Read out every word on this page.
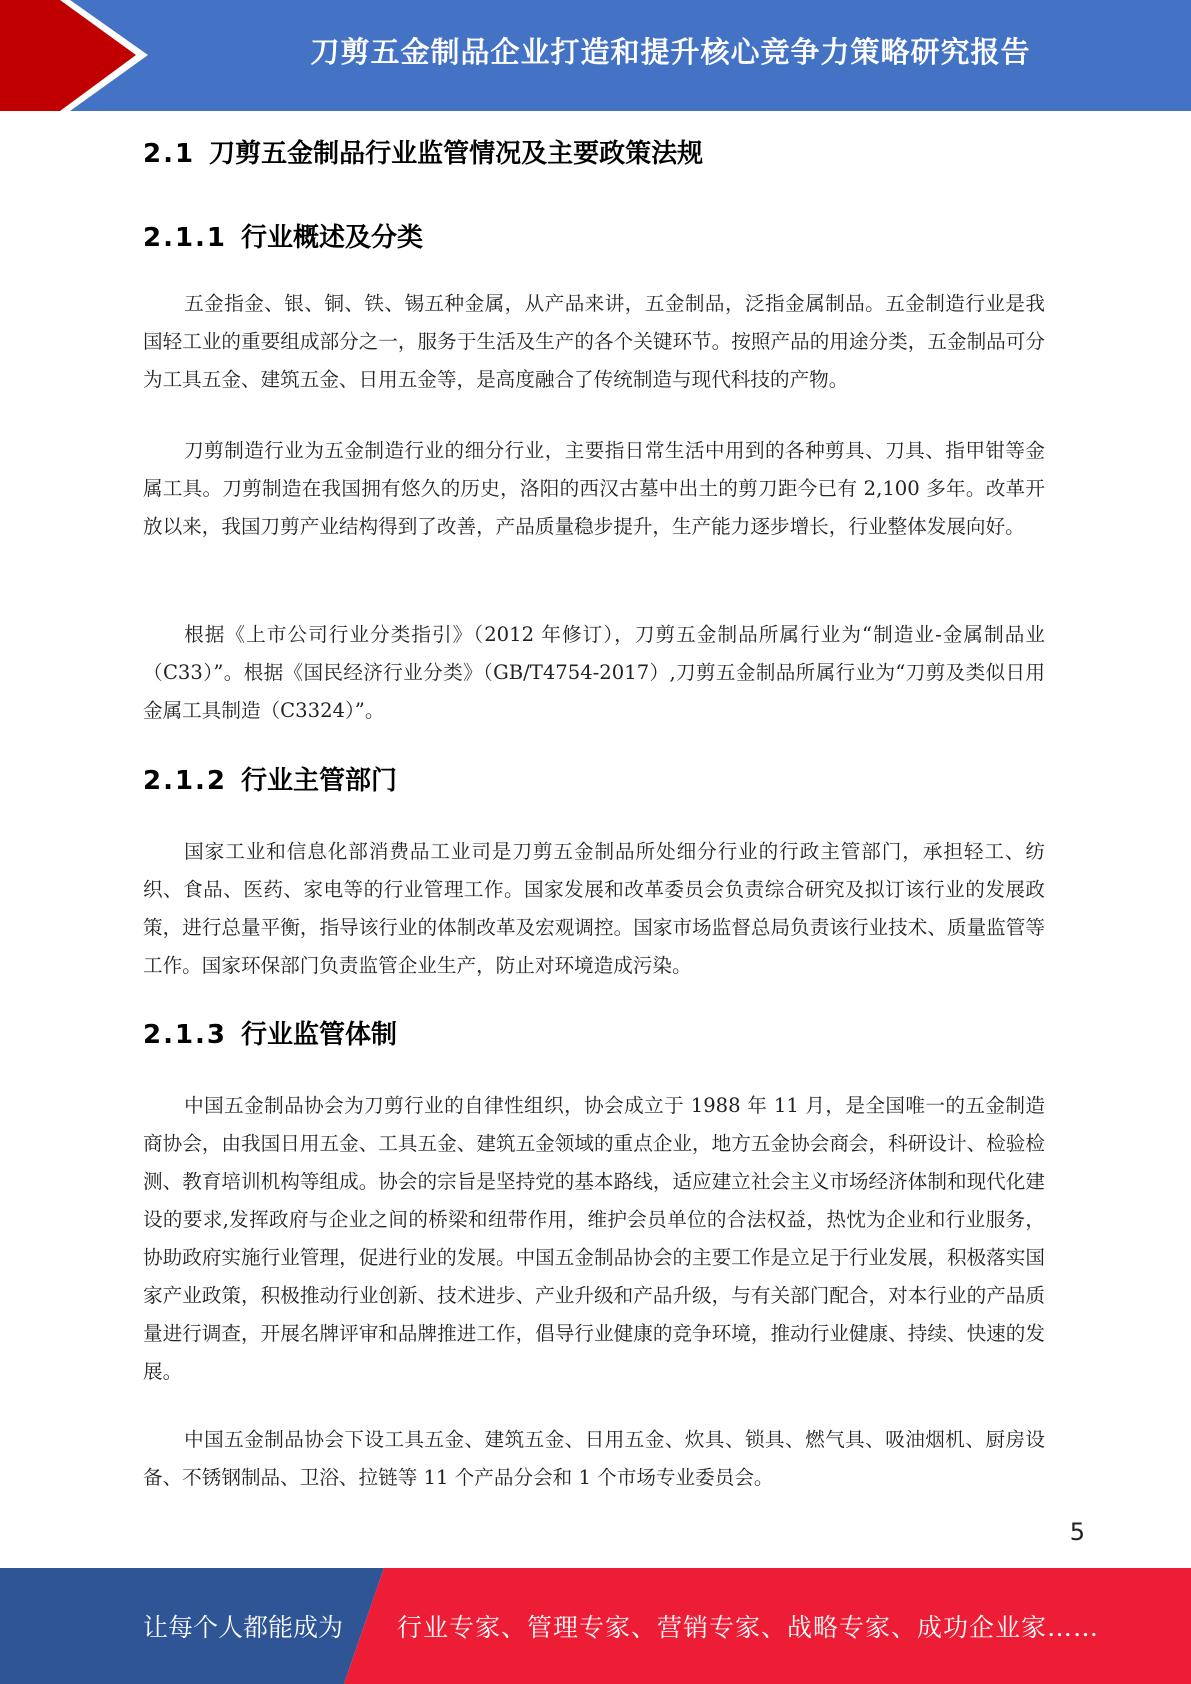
刀剪五金制品企业打造和提升核心竞争力策略研究报告
2.1 刀剪五金制品行业监管情况及主要政策法规
2.1.1 行业概述及分类

五金指金、银、铜、铁、锡五种金属，从产品来讲，五金制品，泛指金属制品。五金制造行业是我国轻工业的重要组成部分之一，服务于生活及生产的各个关键环节。按照产品的用途分类，五金制品可分为工具五金、建筑五金、日用五金等，是高度融合了传统制造与现代科技的产物。

刀剪制造行业为五金制造行业的细分行业，主要指日常生活中用到的各种剪具、刀具、指甲钳等金属工具。刀剪制造在我国拥有悠久的历史，洛阳的西汉古墓中出土的剪刀距今已有 2,100 多年。改革开放以来，我国刀剪产业结构得到了改善，产品质量稳步提升，生产能力逐步增长，行业整体发展向好。

根据《上市公司行业分类指引》（2012 年修订），刀剪五金制品所属行业为“制造业-金属制品业（C33）”。根据《国民经济行业分类》（GB/T4754-2017）,刀剪五金制品所属行业为“刀剪及类似日用金属工具制造（C3324）”。

2.1.2 行业主管部门

国家工业和信息化部消费品工业司是刀剪五金制品所处细分行业的行政主管部门，承担轻工、纺织、食品、医药、家电等的行业管理工作。国家发展和改革委员会负责综合研究及拟订该行业的发展政策，进行总量平衡，指导该行业的体制改革及宏观调控。国家市场监督总局负责该行业技术、质量监管等工作。国家环保部门负责监管企业生产，防止对环境造成污染。

2.1.3 行业监管体制

中国五金制品协会为刀剪行业的自律性组织，协会成立于 1988 年 11 月，是全国唯一的五金制造商协会，由我国日用五金、工具五金、建筑五金领域的重点企业，地方五金协会商会，科研设计、检验检测、教育培训机构等组成。协会的宗旨是坚持党的基本路线，适应建立社会主义市场经济体制和现代化建设的要求,发挥政府与企业之间的桥梁和纽带作用，维护会员单位的合法权益，热忱为企业和行业服务，协助政府实施行业管理，促进行业的发展。中国五金制品协会的主要工作是立足于行业发展，积极落实国家产业政策，积极推动行业创新、技术进步、产业升级和产品升级，与有关部门配合，对本行业的产品质量进行调查，开展名牌评审和品牌推进工作，倡导行业健康的竞争环境，推动行业健康、持续、快速的发展。

中国五金制品协会下设工具五金、建筑五金、日用五金、炊具、锁具、燃气具、吸油烟机、厨房设备、不锈钢制品、卫浴、拉链等 11 个产品分会和 1 个市场专业委员会。

5
让每个人都能成为 行业专家、管理专家、营销专家、战略专家、成功企业家……
